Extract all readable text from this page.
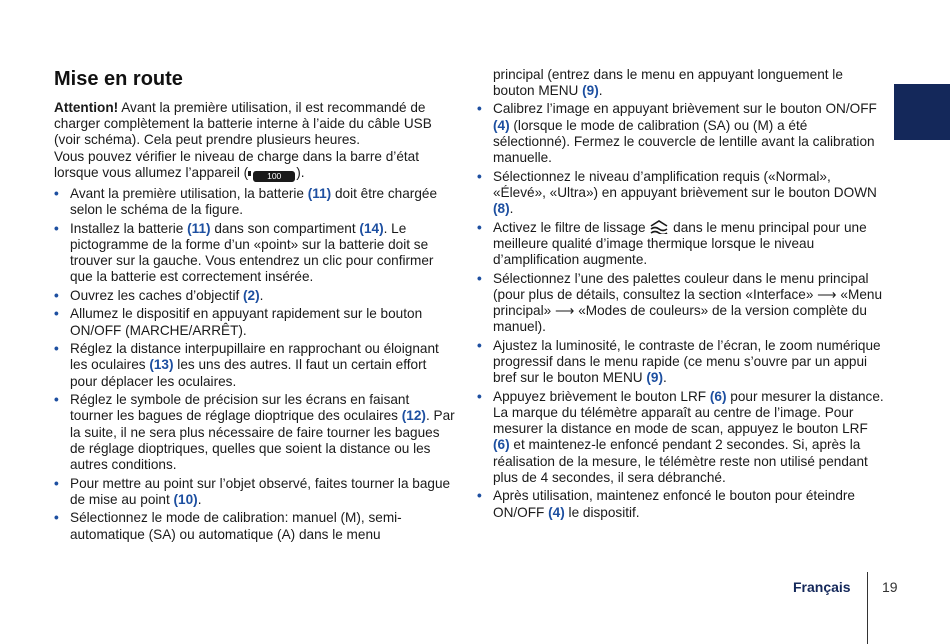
Mise en route

Attention! Avant la première utilisation, il est recommandé de charger complètement la batterie interne à l’aide du câble USB (voir schéma). Cela peut prendre plusieurs heures.

Vous pouvez vérifier le niveau de charge dans la barre d’état lorsque vous allumez l’appareil ( 100 ).

• Avant la première utilisation, la batterie (11) doit être chargée selon le schéma de la figure.
• Installez la batterie (11) dans son compartiment (14). Le pictogramme de la forme d’un «point» sur la batterie doit se trouver sur la gauche. Vous entendrez un clic pour confirmer que la batterie est correctement insérée.
• Ouvrez les caches d’objectif (2).
• Allumez le dispositif en appuyant rapidement sur le bouton ON/OFF (MARCHE/ARRÊT).
• Réglez la distance interpupillaire en rapprochant ou éloignant les oculaires (13) les uns des autres. Il faut un certain effort pour déplacer les oculaires.
• Réglez le symbole de précision sur les écrans en faisant tourner les bagues de réglage dioptrique des oculaires (12). Par la suite, il ne sera plus nécessaire de faire tourner les bagues de réglage dioptriques, quelles que soient la distance ou les autres conditions.
• Pour mettre au point sur l’objet observé, faites tourner la bague de mise au point (10).
• Sélectionnez le mode de calibration: manuel (M), semi-automatique (SA) ou automatique (A) dans le menu

principal (entrez dans le menu en appuyant longuement le bouton MENU (9).

• Calibrez l’image en appuyant brièvement sur le bouton ON/OFF (4) (lorsque le mode de calibration (SA) ou (M) a été sélectionné). Fermez le couvercle de lentille avant la calibration manuelle.
• Sélectionnez le niveau d’amplification requis («Normal», «Élevé», «Ultra») en appuyant brièvement sur le bouton DOWN (8).
• Activez le filtre de lissage  dans le menu principal pour une meilleure qualité d’image thermique lorsque le niveau d’amplification augmente.
• Sélectionnez l’une des palettes couleur dans le menu principal (pour plus de détails, consultez la section «Interface» ⟶ «Menu principal» ⟶ «Modes de couleurs» de la version complète du manuel).
• Ajustez la luminosité, le contraste de l’écran, le zoom numérique progressif dans le menu rapide (ce menu s’ouvre par un appui bref sur le bouton MENU (9).
• Appuyez brièvement le bouton LRF (6) pour mesurer la distance. La marque du télémètre apparaît au centre de l’image. Pour mesurer la distance en mode de scan, appuyez le bouton LRF (6) et maintenez-le enfoncé pendant 2 secondes. Si, après la réalisation de la mesure, le télémètre reste non utilisé pendant plus de 4 secondes, il sera débranché.
• Après utilisation, maintenez enfoncé le bouton pour éteindre ON/OFF (4) le dispositif.
Français 19
